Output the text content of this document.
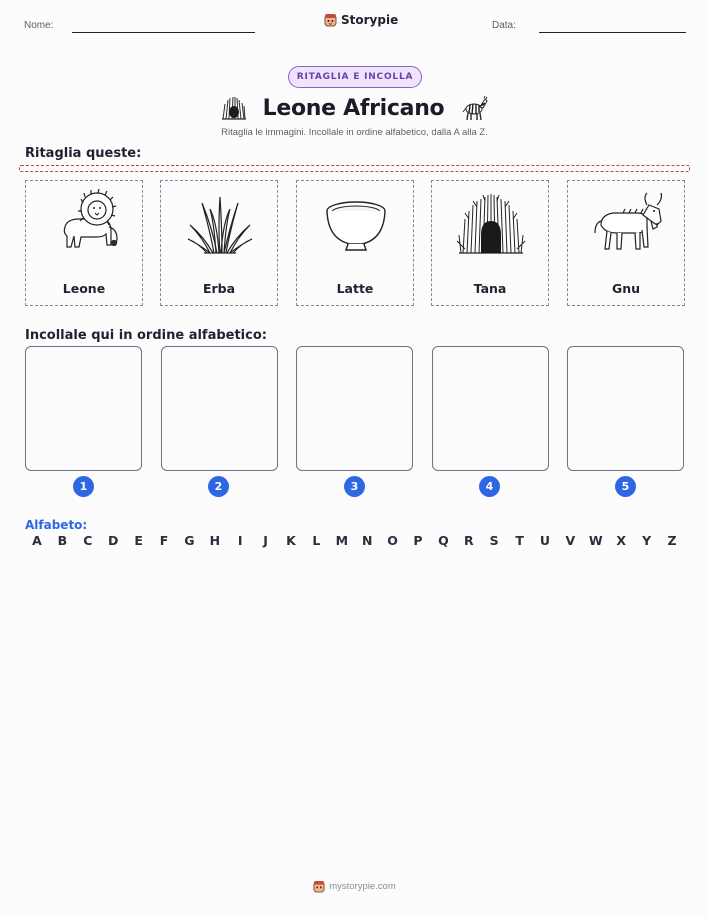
Nome:	Storypie	Data:
RITAGLIA E INCOLLA
Leone Africano
Ritaglia le immagini. Incollale in ordine alfabetico, dalla A alla Z.
Ritaglia queste:
Leone	Erba	Latte	Tana	Gnu
Incollale qui in ordine alfabetico:
1	2	3	4	5
Alfabeto:
A	B	C	D	E	F	G	H	I	J	K	L	M	N	O	P	Q	R	S	T	U	V	W	X	Y	Z
mystorypie.com
